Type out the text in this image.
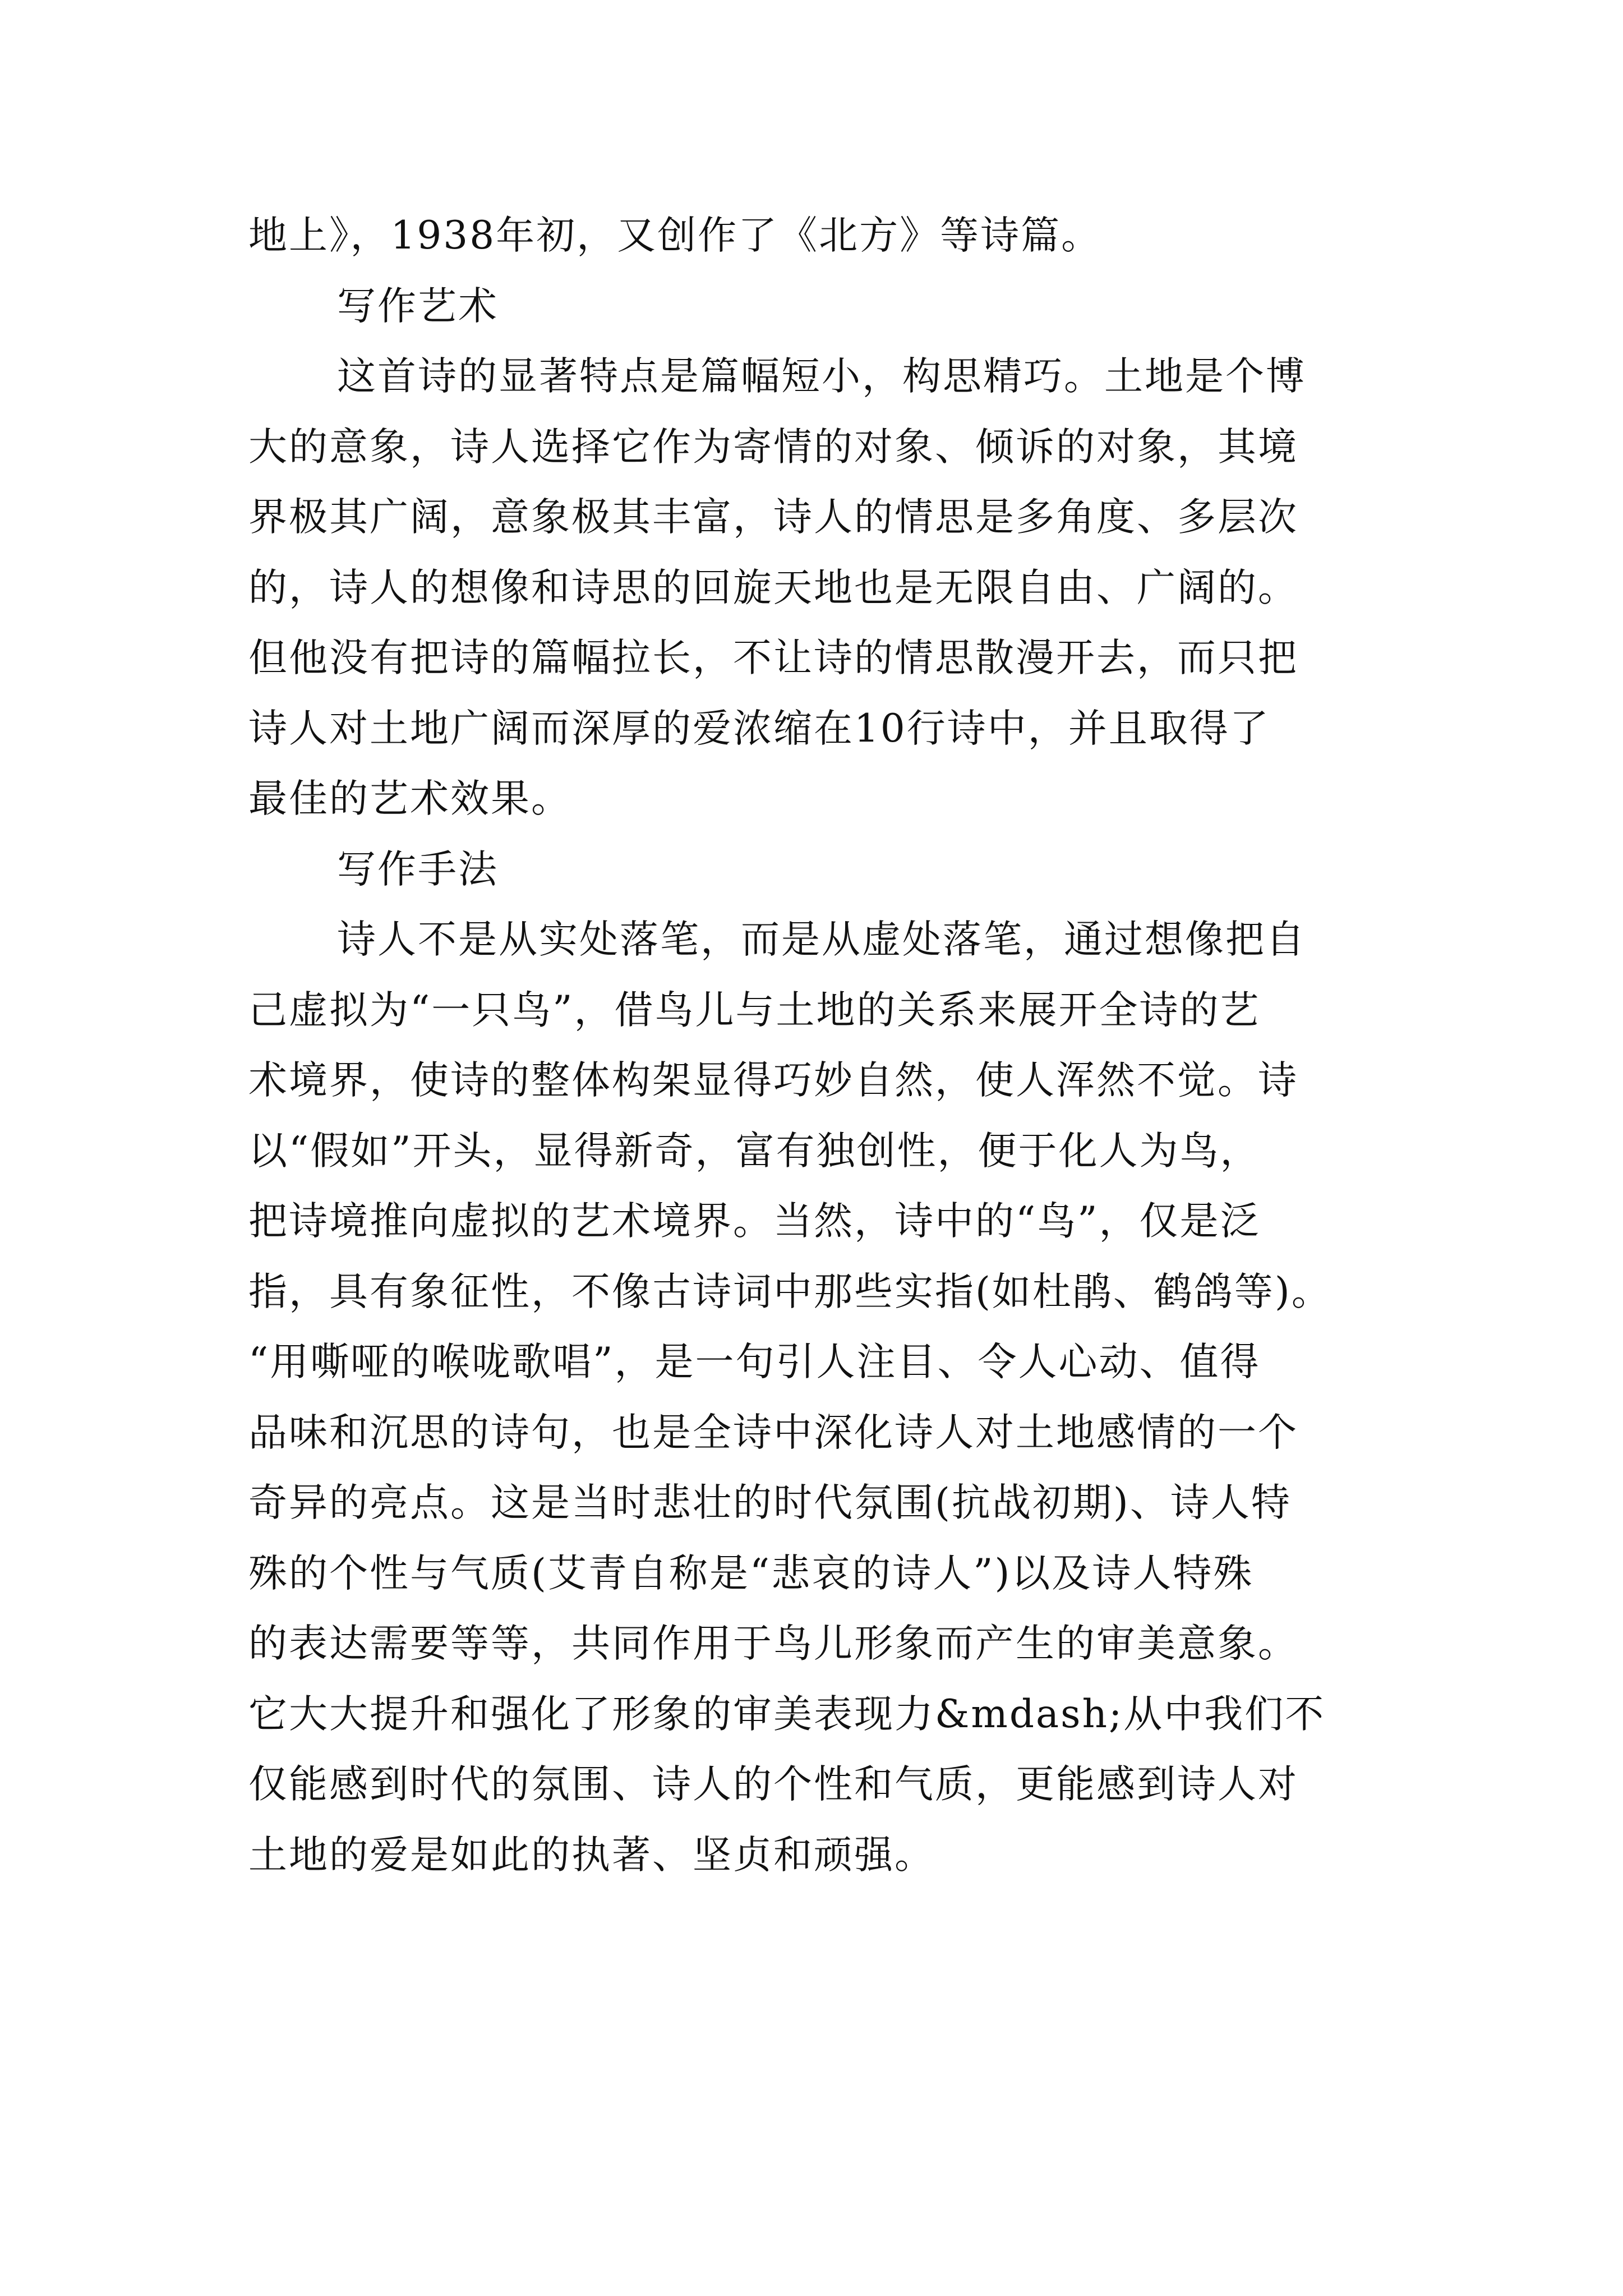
地上》，1938年初，又创作了《北方》等诗篇。
写作艺术
这首诗的显著特点是篇幅短小，构思精巧。土地是个博
大的意象，诗人选择它作为寄情的对象、倾诉的对象，其境
界极其广阔，意象极其丰富，诗人的情思是多角度、多层次
的，诗人的想像和诗思的回旋天地也是无限自由、广阔的。
但他没有把诗的篇幅拉长，不让诗的情思散漫开去，而只把
诗人对土地广阔而深厚的爱浓缩在10行诗中，并且取得了
最佳的艺术效果。
写作手法
诗人不是从实处落笔，而是从虚处落笔，通过想像把自
己虚拟为“一只鸟”，借鸟儿与土地的关系来展开全诗的艺
术境界，使诗的整体构架显得巧妙自然，使人浑然不觉。诗
以“假如”开头，显得新奇，富有独创性，便于化人为鸟，
把诗境推向虚拟的艺术境界。当然，诗中的“鸟”，仅是泛
指，具有象征性，不像古诗词中那些实指(如杜鹃、鹤鸽等)。
“用嘶哑的喉咙歌唱”，是一句引人注目、令人心动、值得
品味和沉思的诗句，也是全诗中深化诗人对土地感情的一个
奇异的亮点。这是当时悲壮的时代氛围(抗战初期)、诗人特
殊的个性与气质(艾青自称是“悲哀的诗人”)以及诗人特殊
的表达需要等等，共同作用于鸟儿形象而产生的审美意象。
它大大提升和强化了形象的审美表现力&mdash;从中我们不
仅能感到时代的氛围、诗人的个性和气质，更能感到诗人对
土地的爱是如此的执著、坚贞和顽强。
